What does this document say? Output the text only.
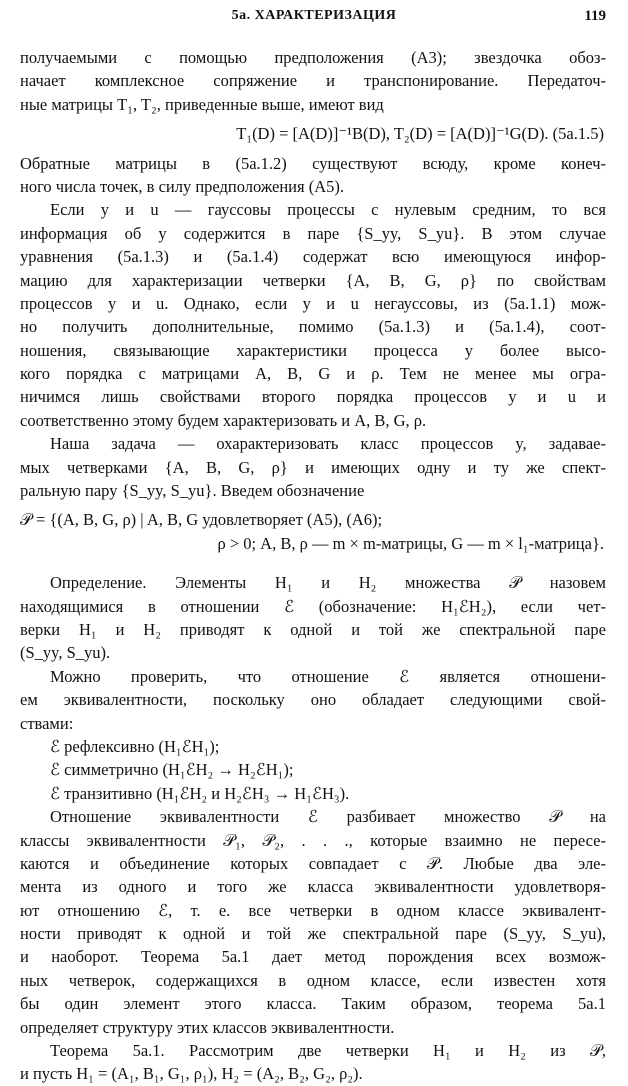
5а. ХАРАКТЕРИЗАЦИЯ	119
получаемыми с помощью предположения (А3); звездочка обоз-
начает комплексное сопряжение и транспонирование. Передаточ-
ные матрицы T₁, T₂, приведенные выше, имеют вид
T₁(D) = [A(D)]⁻¹B(D), T₂(D) = [A(D)]⁻¹G(D). (5а.1.5)
Обратные матрицы в (5а.1.2) существуют всюду, кроме конеч-
ного числа точек, в силу предположения (А5).
Если y и u — гауссовы процессы с нулевым средним, то вся
информация об y содержится в паре {S_yy, S_yu}. В этом случае
уравнения (5а.1.3) и (5а.1.4) содержат всю имеющуюся инфор-
мацию для характеризации четверки {A, B, G, ρ} по свойствам
процессов y и u. Однако, если y и u негауссовы, из (5а.1.1) мож-
но получить дополнительные, помимо (5а.1.3) и (5а.1.4), соот-
ношения, связывающие характеристики процесса y более высо-
кого порядка с матрицами A, B, G и ρ. Тем не менее мы огра-
ничимся лишь свойствами второго порядка процессов y и u и
соответственно этому будем характеризовать и A, B, G, ρ.
Наша задача — охарактеризовать класс процессов y, задавае-
мых четверками {A, B, G, ρ} и имеющих одну и ту же спект-
ральную пару {S_yy, S_yu}. Введем обозначение
𝒫 = {(A, B, G, ρ) | A, B, G удовлетворяет (А5), (А6);
ρ > 0; A, B, ρ — m × m-матрицы, G — m × l₁-матрица}.
Определение. Элементы H₁ и H₂ множества 𝒫 назовем
находящимися в отношении ℰ (обозначение: H₁ℰH₂), если чет-
верки H₁ и H₂ приводят к одной и той же спектральной паре
(S_yy, S_yu).
Можно проверить, что отношение ℰ является отношени-
ем эквивалентности, поскольку оно обладает следующими свой-
ствами:
ℰ рефлексивно (H₁ℰH₁);
ℰ симметрично (H₁ℰH₂ → H₂ℰH₁);
ℰ транзитивно (H₁ℰH₂ и H₂ℰH₃ → H₁ℰH₃).
Отношение эквивалентности ℰ разбивает множество 𝒫 на
классы эквивалентности 𝒫₁, 𝒫₂, . . ., которые взаимно не пересе-
каются и объединение которых совпадает с 𝒫. Любые два эле-
мента из одного и того же класса эквивалентности удовлетворя-
ют отношению ℰ, т. е. все четверки в одном классе эквивалент-
ности приводят к одной и той же спектральной паре (S_yy, S_yu),
и наоборот. Теорема 5а.1 дает метод порождения всех возмож-
ных четверок, содержащихся в одном классе, если известен хотя
бы один элемент этого класса. Таким образом, теорема 5а.1
определяет структуру этих классов эквивалентности.
Теорема 5а.1. Рассмотрим две четверки H₁ и H₂ из 𝒫,
и пусть H₁ = (A₁, B₁, G₁, ρ₁), H₂ = (A₂, B₂, G₂, ρ₂).
